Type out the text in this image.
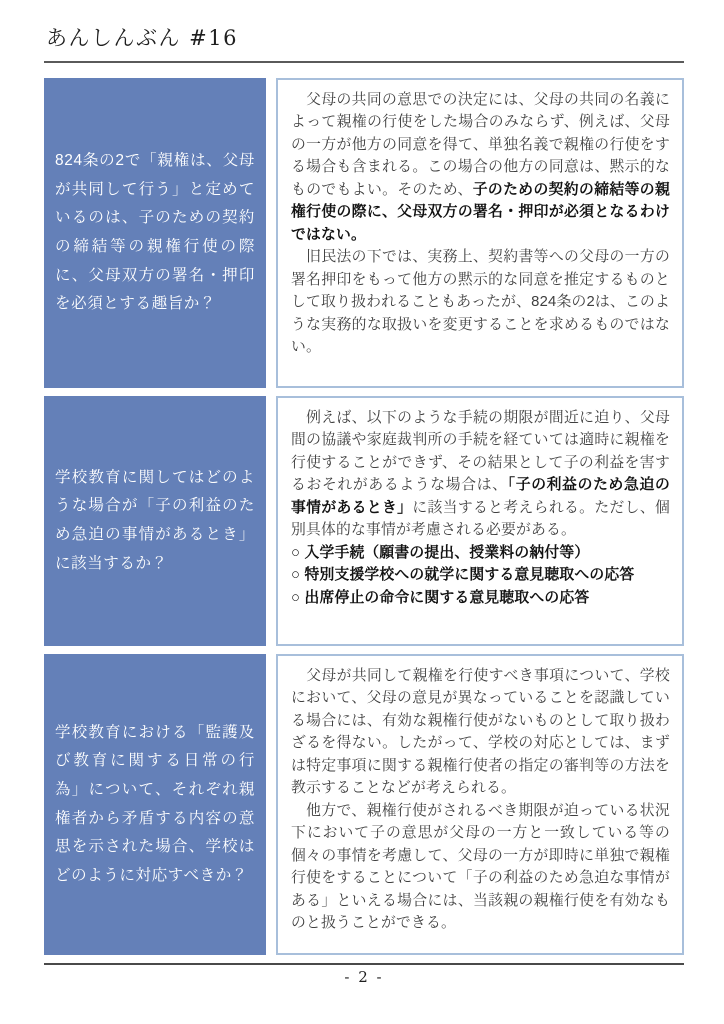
あんしんぶん #16

824条の2で「親権は、父母が共同して行う」と定めているのは、子のための契約の締結等の親権行使の際に、父母双方の署名・押印を必須とする趣旨か？

　父母の共同の意思での決定には、父母の共同の名義によって親権の行使をした場合のみならず、例えば、父母の一方が他方の同意を得て、単独名義で親権の行使をする場合も含まれる。この場合の他方の同意は、黙示的なものでもよい。そのため、子のための契約の締結等の親権行使の際に、父母双方の署名・押印が必須となるわけではない。

　旧民法の下では、実務上、契約書等への父母の一方の署名押印をもって他方の黙示的な同意を推定するものとして取り扱われることもあったが、824条の2は、このような実務的な取扱いを変更することを求めるものではない。

学校教育に関してはどのような場合が「子の利益のため急迫の事情があるとき」に該当するか？

　例えば、以下のような手続の期限が間近に迫り、父母間の協議や家庭裁判所の手続を経ていては適時に親権を行使することができず、その結果として子の利益を害するおそれがあるような場合は、「子の利益のため急迫の事情があるとき」に該当すると考えられる。ただし、個別具体的な事情が考慮される必要がある。

○ 入学手続（願書の提出、授業料の納付等）

○ 特別支援学校への就学に関する意見聴取への応答

○ 出席停止の命令に関する意見聴取への応答

学校教育における「監護及び教育に関する日常の行為」について、それぞれ親権者から矛盾する内容の意思を示された場合、学校はどのように対応すべきか？

　父母が共同して親権を行使すべき事項について、学校において、父母の意見が異なっていることを認識している場合には、有効な親権行使がないものとして取り扱わざるを得ない。したがって、学校の対応としては、まずは特定事項に関する親権行使者の指定の審判等の方法を教示することなどが考えられる。

　他方で、親権行使がされるべき期限が迫っている状況下において子の意思が父母の一方と一致している等の個々の事情を考慮して、父母の一方が即時に単独で親権行使をすることについて「子の利益のため急迫な事情がある」といえる場合には、当該親の親権行使を有効なものと扱うことができる。

- 2 -
